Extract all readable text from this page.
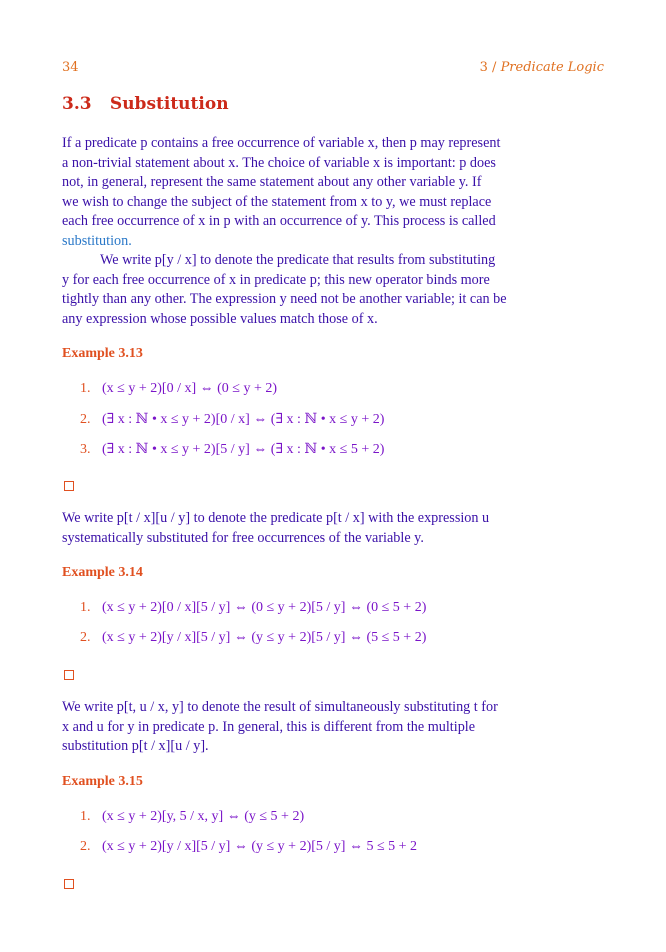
34	3 / Predicate Logic
3.3 Substitution
If a predicate p contains a free occurrence of variable x, then p may represent
a non-trivial statement about x. The choice of variable x is important: p does
not, in general, represent the same statement about any other variable y. If
we wish to change the subject of the statement from x to y, we must replace
each free occurrence of x in p with an occurrence of y. This process is called
substitution.
We write p[y / x] to denote the predicate that results from substituting
y for each free occurrence of x in predicate p; this new operator binds more
tightly than any other. The expression y need not be another variable; it can be
any expression whose possible values match those of x.
Example 3.13
1. (x ≤ y + 2)[0 / x] ⇔ (0 ≤ y + 2)
2. (∃ x : ℕ • x ≤ y + 2)[0 / x] ⇔ (∃ x : ℕ • x ≤ y + 2)
3. (∃ x : ℕ • x ≤ y + 2)[5 / y] ⇔ (∃ x : ℕ • x ≤ 5 + 2)
We write p[t / x][u / y] to denote the predicate p[t / x] with the expression u
systematically substituted for free occurrences of the variable y.
Example 3.14
1. (x ≤ y + 2)[0 / x][5 / y] ⇔ (0 ≤ y + 2)[5 / y] ⇔ (0 ≤ 5 + 2)
2. (x ≤ y + 2)[y / x][5 / y] ⇔ (y ≤ y + 2)[5 / y] ⇔ (5 ≤ 5 + 2)
We write p[t, u / x, y] to denote the result of simultaneously substituting t for
x and u for y in predicate p. In general, this is different from the multiple
substitution p[t / x][u / y].
Example 3.15
1. (x ≤ y + 2)[y, 5 / x, y] ⇔ (y ≤ 5 + 2)
2. (x ≤ y + 2)[y / x][5 / y] ⇔ (y ≤ y + 2)[5 / y] ⇔ 5 ≤ 5 + 2
